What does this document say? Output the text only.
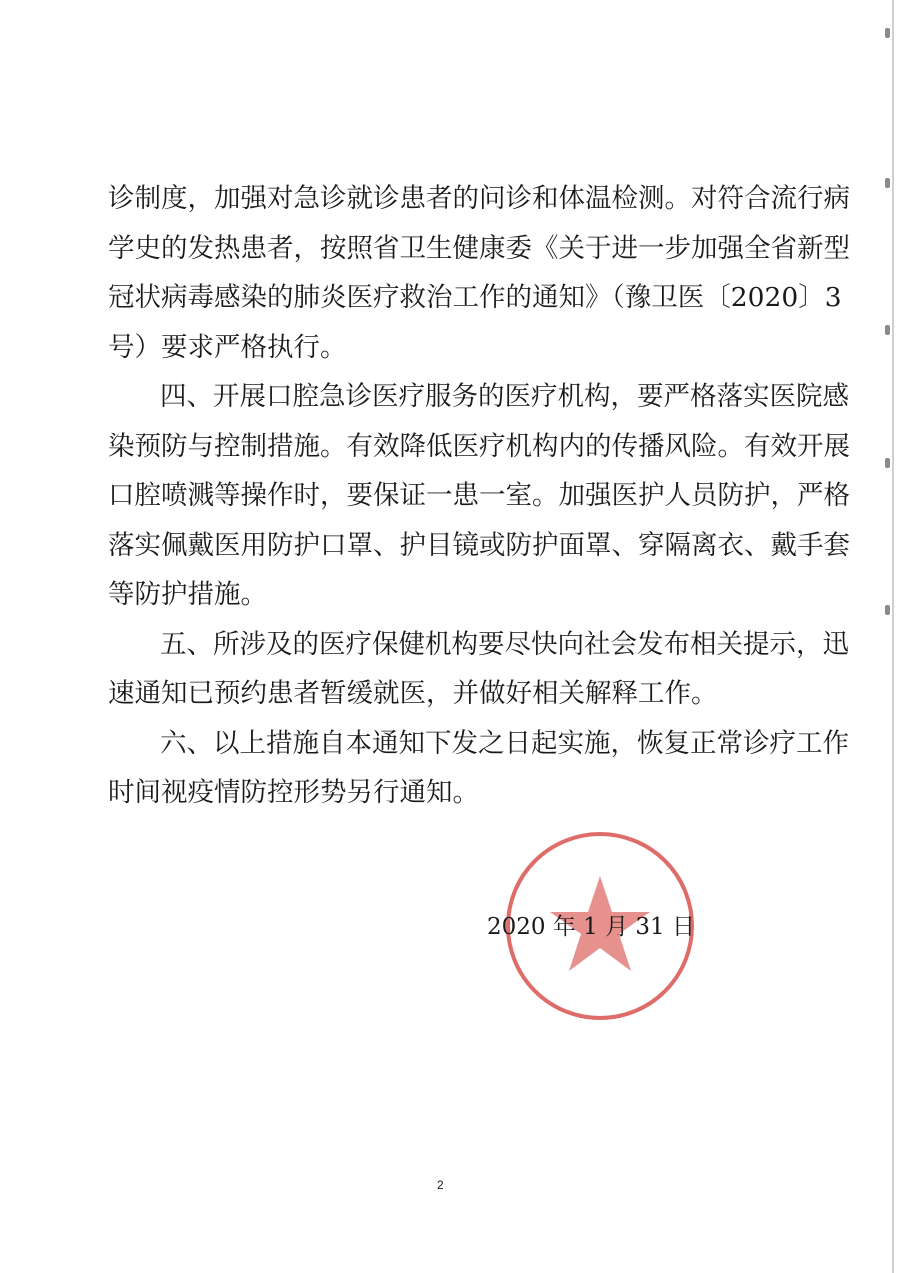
诊制度，加强对急诊就诊患者的问诊和体温检测。对符合流行病
学史的发热患者，按照省卫生健康委《关于进一步加强全省新型
冠状病毒感染的肺炎医疗救治工作的通知》（豫卫医〔2020〕3
号）要求严格执行。
四、开展口腔急诊医疗服务的医疗机构，要严格落实医院感
染预防与控制措施。有效降低医疗机构内的传播风险。有效开展
口腔喷溅等操作时，要保证一患一室。加强医护人员防护，严格
落实佩戴医用防护口罩、护目镜或防护面罩、穿隔离衣、戴手套
等防护措施。
五、所涉及的医疗保健机构要尽快向社会发布相关提示，迅
速通知已预约患者暂缓就医，并做好相关解释工作。
六、以上措施自本通知下发之日起实施，恢复正常诊疗工作
时间视疫情防控形势另行通知。
2020 年 1 月 31 日
2
